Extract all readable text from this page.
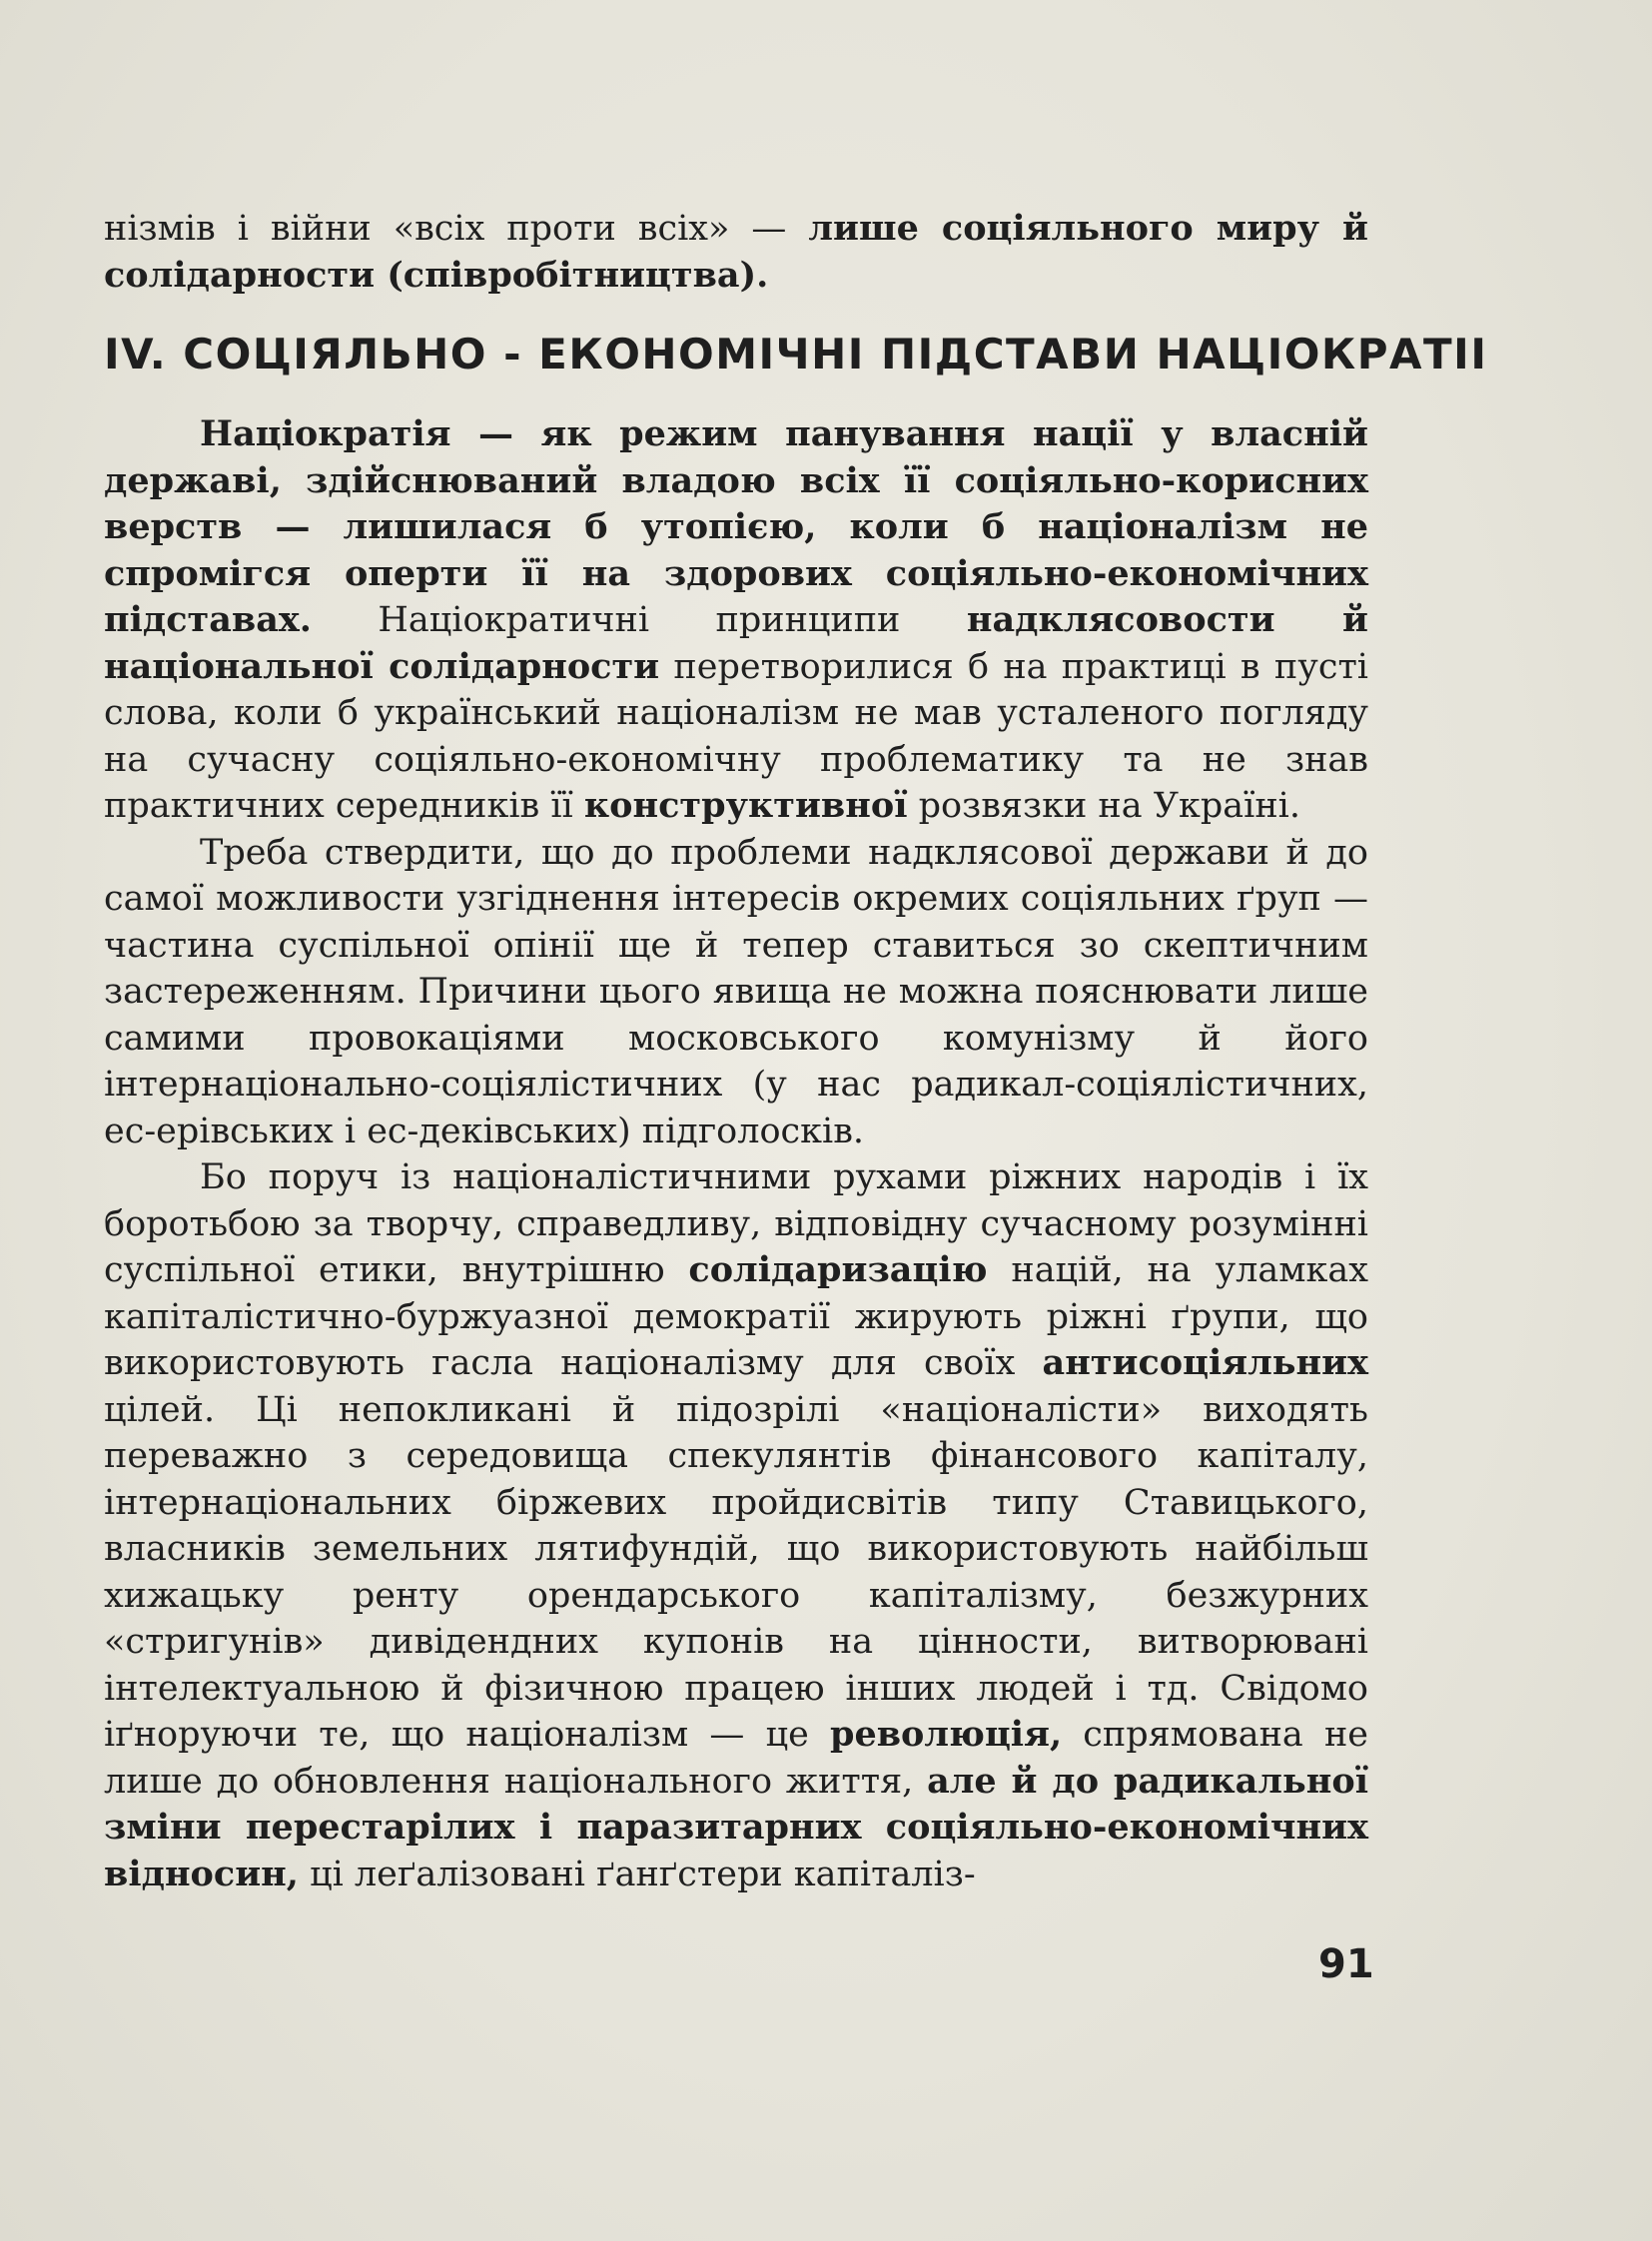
нізмів і війни «всіх проти всіх» — лише соціяльного миру й
солідарности (співробітництва).
IV. СОЦІЯЛЬНО - ЕКОНОМІЧНІ ПІДСТАВИ НАЦІОКРАТІІ

Націократія — як режим панування нації у власній державі, здійснюваний владою всіх її соціяльно-корисних верств — лишилася б утопією, коли б націоналізм не спромігся оперти її на здорових соціяльно-економічних підставах. Націократичні принципи надклясовости й національної солідарности перетворилися б на практиці в пусті слова, коли б український націоналізм не мав усталеного погляду на сучасну соціяльно-економічну проблематику та не знав практичних середників її конструктивної розвязки на Україні.

Треба ствердити, що до проблеми надклясової держави й до самої можливости узгіднення інтересів окремих соціяльних ґруп — частина суспільної опінії ще й тепер ставиться зо скептичним застереженням. Причини цього явища не можна пояснювати лише самими провокаціями московського комунізму й його інтернаціонально-соціялістичних (у нас радикал-соціялістичних, ес-ерівських і ес-деківських) підголосків.

Бо поруч із націоналістичними рухами ріжних народів і їх боротьбою за творчу, справедливу, відповідну сучасному розумінні суспільної етики, внутрішню солідаризацію націй, на уламках капіталістично-буржуазної демократії жирують ріжні ґрупи, що використовують гасла націоналізму для своїх антисоціяльних цілей. Ці непокликані й підозрілі «націоналісти» виходять переважно з середовища спекулянтів фінансового капіталу, інтернаціональних біржевих пройдисвітів типу Ставицького, власників земельних лятифундій, що використовують найбільш хижацьку ренту орендарського капіталізму, безжурних «стригунів» дивідендних купонів на цінности, витворювані інтелектуальною й фізичною працею інших людей і тд. Свідомо іґноруючи те, що націоналізм — це революція, спрямована не лише до обновлення національного життя, але й до радикальної зміни перестарілих і паразитарних соціяльно-економічних відносин, ці леґалізовані ґанґстери капіталіз-

91
